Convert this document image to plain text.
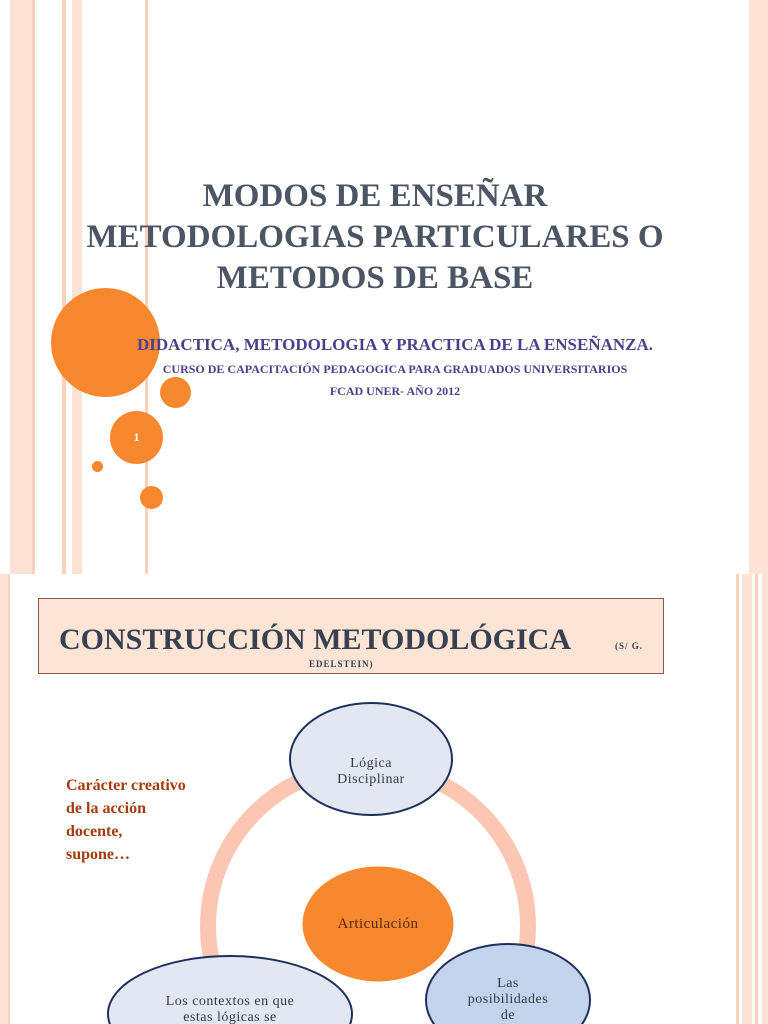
1
MODOS DE ENSEÑAR
METODOLOGIAS PARTICULARES O
METODOS DE BASE
DIDACTICA, METODOLOGIA Y PRACTICA DE LA ENSEÑANZA.
CURSO DE CAPACITACIÓN PEDAGOGICA PARA GRADUADOS UNIVERSITARIOS
FCAD UNER- AÑO 2012
CONSTRUCCIÓN METODOLÓGICA	(S/ G.
EDELSTEIN)
Carácter creativo
de la acción
docente,
supone…
Lógica
Disciplinar
Articulación
Los contextos en que
estas lógicas se
Las
posibilidades
de
